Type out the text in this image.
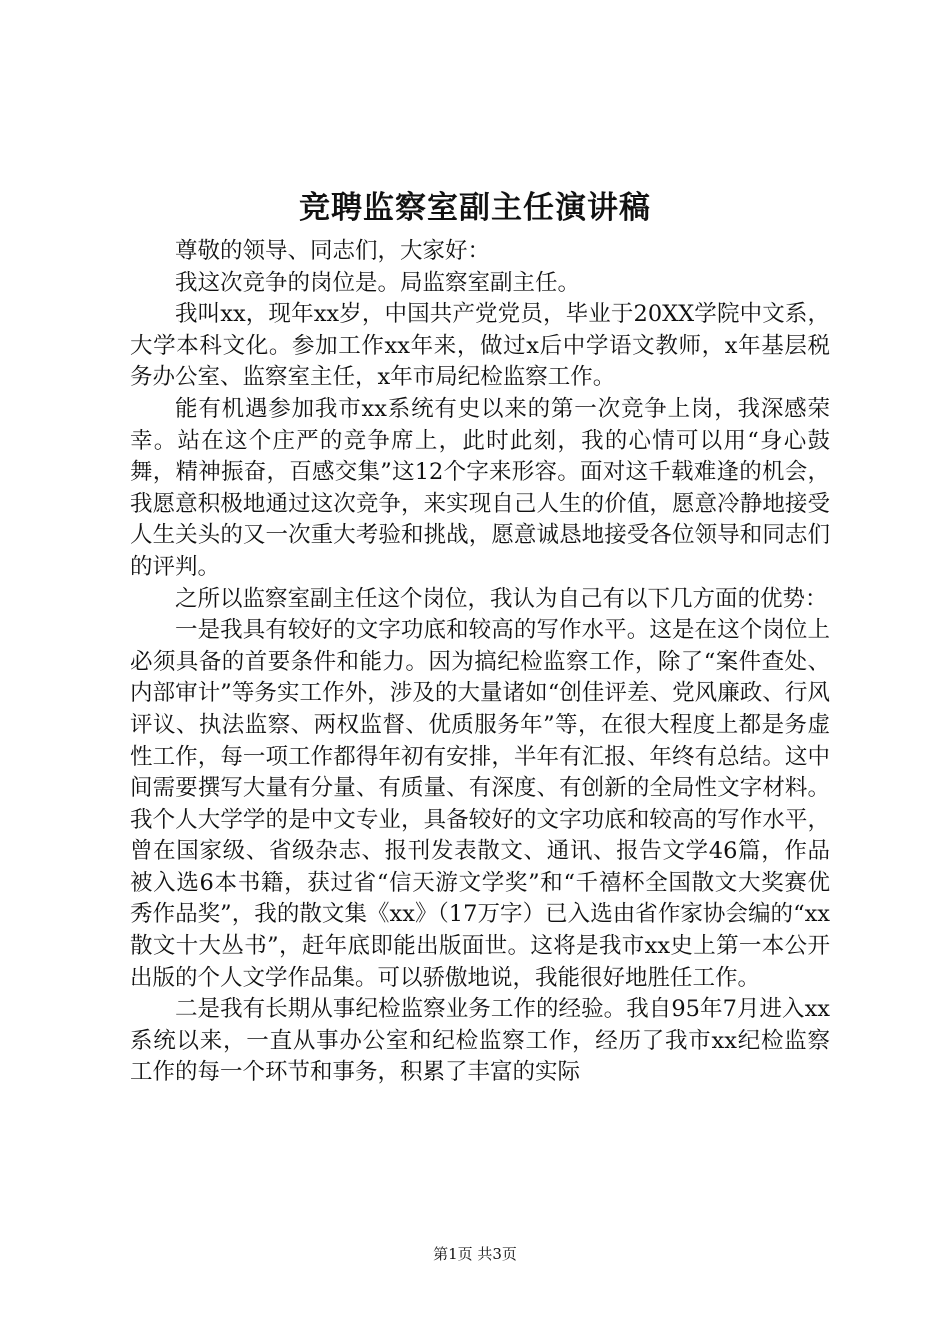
竞聘监察室副主任演讲稿

尊敬的领导、同志们，大家好：

我这次竞争的岗位是。局监察室副主任。

我叫xx，现年xx岁，中国共产党党员，毕业于20XX学院中文系，大学本科文化。参加工作xx年来，做过x后中学语文教师，x年基层税务办公室、监察室主任，x年市局纪检监察工作。

能有机遇参加我市xx系统有史以来的第一次竞争上岗，我深感荣幸。站在这个庄严的竞争席上，此时此刻，我的心情可以用“身心鼓舞，精神振奋，百感交集”这12个字来形容。面对这千载难逢的机会，我愿意积极地通过这次竞争，来实现自己人生的价值，愿意冷静地接受人生关头的又一次重大考验和挑战，愿意诚恳地接受各位领导和同志们的评判。

之所以监察室副主任这个岗位，我认为自己有以下几方面的优势：

一是我具有较好的文字功底和较高的写作水平。这是在这个岗位上必须具备的首要条件和能力。因为搞纪检监察工作，除了“案件查处、内部审计”等务实工作外，涉及的大量诸如“创佳评差、党风廉政、行风评议、执法监察、两权监督、优质服务年”等，在很大程度上都是务虚性工作，每一项工作都得年初有安排，半年有汇报、年终有总结。这中间需要撰写大量有分量、有质量、有深度、有创新的全局性文字材料。我个人大学学的是中文专业，具备较好的文字功底和较高的写作水平，曾在国家级、省级杂志、报刊发表散文、通讯、报告文学46篇，作品被入选6本书籍，获过省“信天游文学奖”和“千禧杯全国散文大奖赛优秀作品奖”，我的散文集《xx》（17万字）已入选由省作家协会编的“xx散文十大丛书”，赶年底即能出版面世。这将是我市xx史上第一本公开出版的个人文学作品集。可以骄傲地说，我能很好地胜任工作。

二是我有长期从事纪检监察业务工作的经验。我自95年7月进入xx系统以来，一直从事办公室和纪检监察工作，经历了我市xx纪检监察工作的每一个环节和事务，积累了丰富的实际

第1页 共3页
